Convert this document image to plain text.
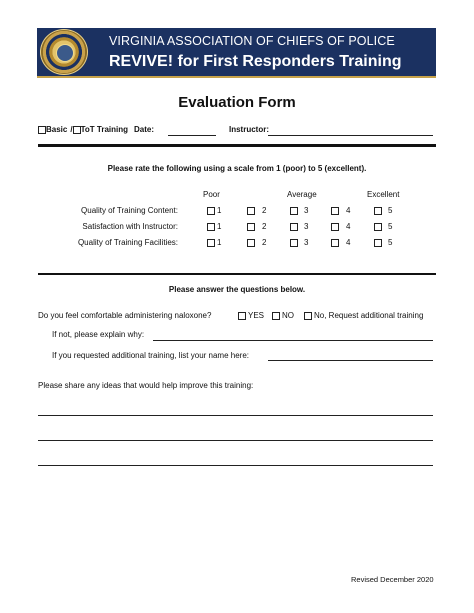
VIRGINIA ASSOCIATION OF CHIEFS OF POLICE
REVIVE! for First Responders Training
Evaluation Form
Basic / ToT Training Date:	Instructor:
Please rate the following using a scale from 1 (poor) to 5 (excellent).
Poor	Average	Excellent
Quality of Training Content:	1	2	3	4	5
Satisfaction with Instructor:	1	2	3	4	5
Quality of Training Facilities:	1	2	3	4	5
Please answer the questions below.
Do you feel comfortable administering naloxone?	YES	NO	No, Request additional training
If not, please explain why:
If you requested additional training, list your name here:
Please share any ideas that would help improve this training:
Revised December 2020
